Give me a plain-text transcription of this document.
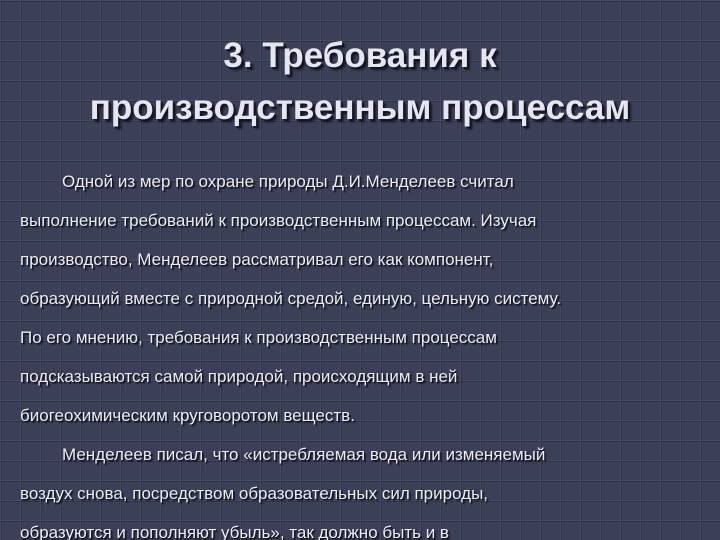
3. Требования к
производственным процессам

Одной из мер по охране природы Д.И.Менделеев считал
выполнение требований к производственным процессам. Изучая
производство, Менделеев рассматривал его как компонент,
образующий вместе с природной средой, единую, цельную систему.
По его мнению, требования к производственным процессам
подсказываются самой природой, происходящим в ней
биогеохимическим круговоротом веществ.

Менделеев писал, что «истребляемая вода или изменяемый
воздух снова, посредством образовательных сил природы,
образуются и пополняют убыль», так должно быть и в
